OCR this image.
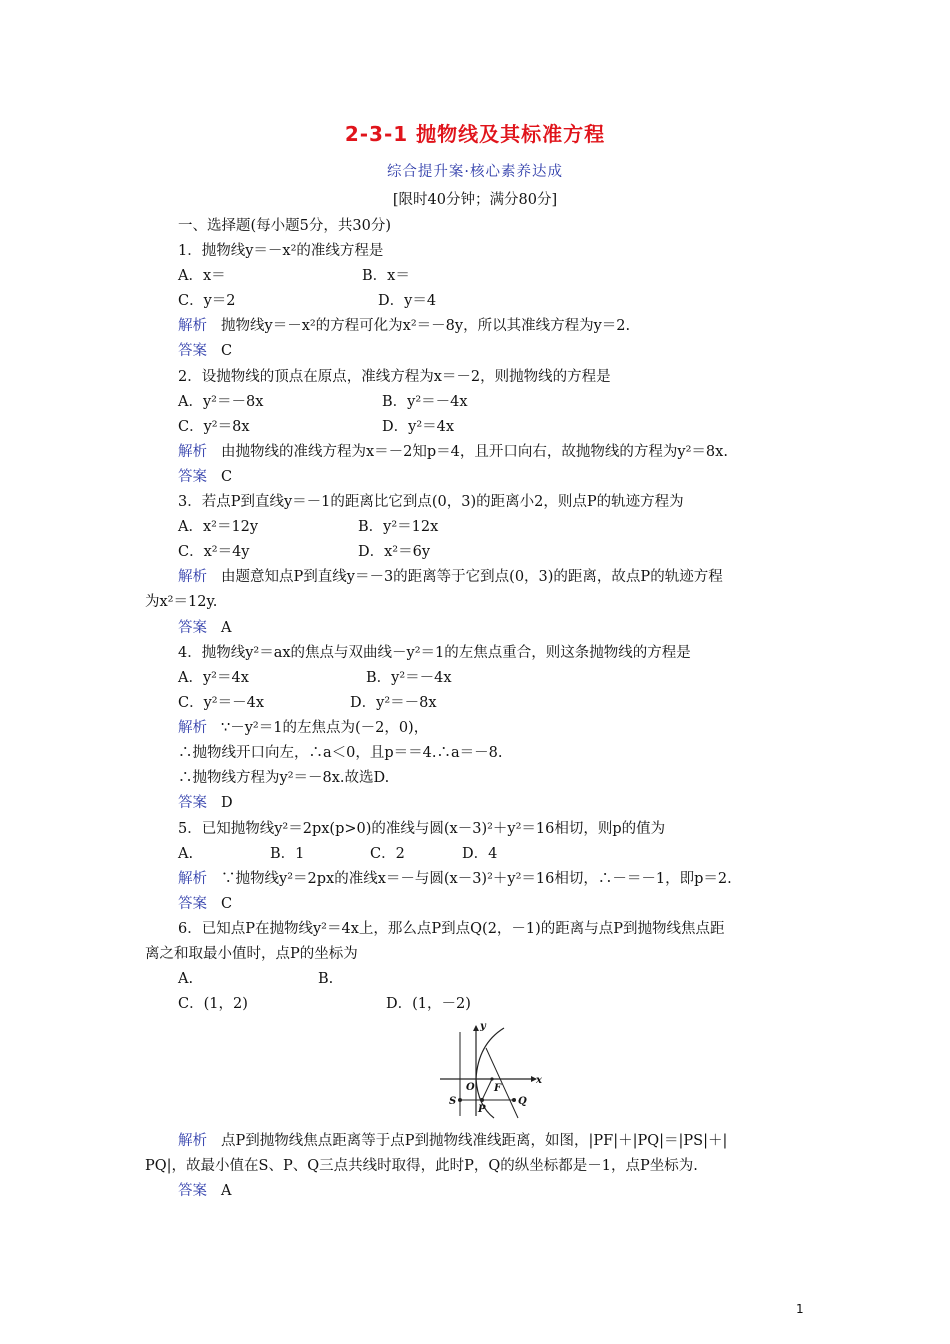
2-3-1 抛物线及其标准方程
综合提升案·核心素养达成
[限时40分钟；满分80分]
一、选择题(每小题5分，共30分)
1．抛物线y＝－x²的准线方程是
A．x＝	B．x＝
C．y＝2	D．y＝4
解析 抛物线y＝－x²的方程可化为x²＝－8y，所以其准线方程为y＝2.
答案 C
2．设抛物线的顶点在原点，准线方程为x＝－2，则抛物线的方程是
A．y²＝－8x	B．y²＝－4x
C．y²＝8x	D．y²＝4x
解析 由抛物线的准线方程为x＝－2知p＝4，且开口向右，故抛物线的方程为y²＝8x.
答案 C
3．若点P到直线y＝－1的距离比它到点(0，3)的距离小2，则点P的轨迹方程为
A．x²＝12y	B．y²＝12x
C．x²＝4y	D．x²＝6y
解析 由题意知点P到直线y＝－3的距离等于它到点(0，3)的距离，故点P的轨迹方程
为x²＝12y.
答案 A
4．抛物线y²＝ax的焦点与双曲线－y²＝1的左焦点重合，则这条抛物线的方程是
A．y²＝4x	B．y²＝－4x
C．y²＝－4x	D．y²＝－8x
解析 ∵－y²＝1的左焦点为(－2，0)，
∴抛物线开口向左，∴a＜0，且p＝＝4.∴a＝－8.
∴抛物线方程为y²＝－8x.故选D.
答案 D
5．已知抛物线y²＝2px(p>0)的准线与圆(x－3)²＋y²＝16相切，则p的值为
A.	B．1	C．2	D．4
解析 ∵抛物线y²＝2px的准线x＝－与圆(x－3)²＋y²＝16相切，∴－＝－1，即p＝2.
答案 C
6．已知点P在抛物线y²＝4x上，那么点P到点Q(2，－1)的距离与点P到抛物线焦点距
离之和取最小值时，点P的坐标为
A.	B.
C．(1，2)	D．(1，－2)
y
x
O F
S
P
Q
解析 点P到抛物线焦点距离等于点P到抛物线准线距离，如图，|PF|＋|PQ|＝|PS|＋|
PQ|，故最小值在S、P、Q三点共线时取得，此时P，Q的纵坐标都是－1，点P坐标为.
答案 A
1
